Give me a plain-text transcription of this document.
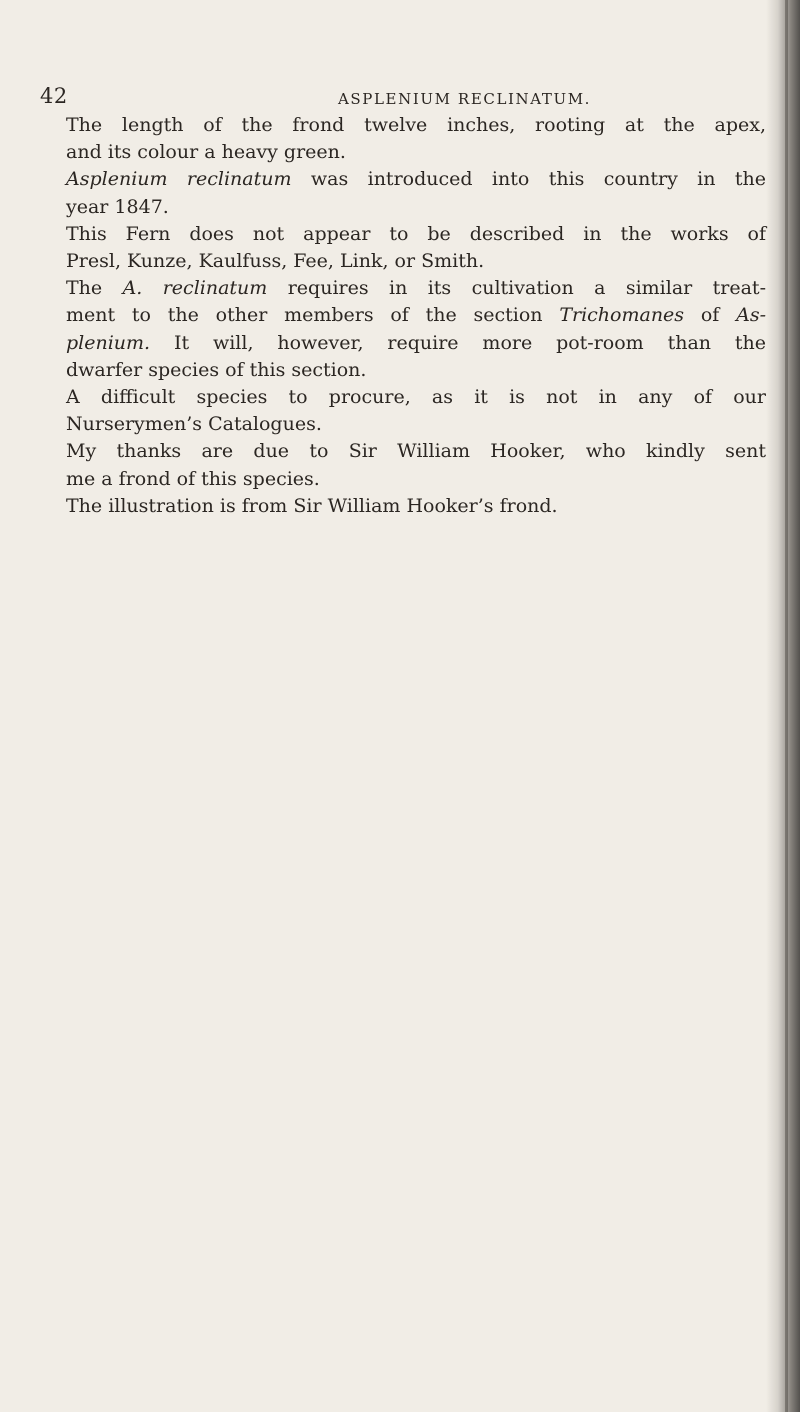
42	ASPLENIUM RECLINATUM.
The length of the frond twelve inches, rooting at the apex,
and its colour a heavy green.
Asplenium reclinatum was introduced into this country in the
year 1847.
This Fern does not appear to be described in the works of
Presl, Kunze, Kaulfuss, Fee, Link, or Smith.
The A. reclinatum requires in its cultivation a similar treat-
ment to the other members of the section Trichomanes of As-
plenium. It will, however, require more pot-room than the
dwarfer species of this section.
A difficult species to procure, as it is not in any of our
Nurserymen’s Catalogues.
My thanks are due to Sir William Hooker, who kindly sent
me a frond of this species.
The illustration is from Sir William Hooker’s frond.
